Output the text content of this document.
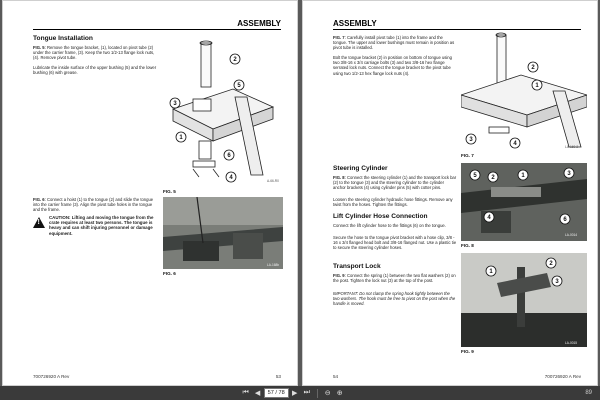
ASSEMBLY
Tongue Installation
FIG. 5: Remove the tongue bracket, (1), located on pivot tube (2) under the carrier frame, (3). Keep the two 1/2-13 flange lock nuts, (4). Remove pivot tube.
Lubricate the inside surface of the upper bushing (5) and the lower bushing (6) with grease.
2
5
3
1
6
4
FIG. 5
A-66-R0
FIG. 6: Connect a hoist (1) to the tongue (2) and slide the tongue into the carrier frame (3). Align the pivot tube holes in the tongue and the frame.
!
CAUTION: Lifting and moving the tongue from the crate requires at least two persons. The tongue is heavy and can shift injuring personnel or damage equipment.
FIG. 6
LA-168b
700726920 A Rev	53
ASSEMBLY
FIG. 7: Carefully install pivot tube (1) into the frame and the tongue. The upper and lower bushings must remain in position as pivot tube is installed.
Bolt the tongue bracket (2) in position on bottom of tongue using two 3/8-16 x 3/4 carriage bolts (3) and two 3/8-16 hex flange serrated lock nuts. Connect the tongue bracket to the pivot tube using two 1/2-13 hex flange lock nuts (4).
2
1
3
4
FIG. 7
LA-160-2
Steering Cylinder
FIG. 8: Connect the steering cylinder (1) and the transport lock bar (2) to the tongue (3) and the steering cylinder to the cylinder anchor brackets (4) using cylinder pins (5) with cotter pins.
Loosen the steering cylinder hydraulic hose fittings. Remove any twist from the hoses. Tighten the fittings.
Lift Cylinder Hose Connection
Connect the lift cylinder hose to the fittings (6) on the tongue.
Secure the hose to the tongue pivot bracket with a hose clip, 3/8 - 16 x 3/4 flanged head bolt and 3/8-16 flanged nut. Use a plastic tie to secure the steering cylinder hoses.
Transport Lock
FIG. 9: Connect the spring (1) between the two flat washers (2) on the post. Tighten the lock nut (3) at the top of the post.
IMPORTANT: Do not clamp the spring hook tightly between the two washers. The hook must be free to pivot on the post when the handle is moved.
5 2	1	3
4	6
FIG. 8
LA-0014
1
2
3
FIG. 9
LA-0015
54	700726920 A Rev
⏮ ◀	57 / 78	▶ ⏭	⊖ ⊕	89
